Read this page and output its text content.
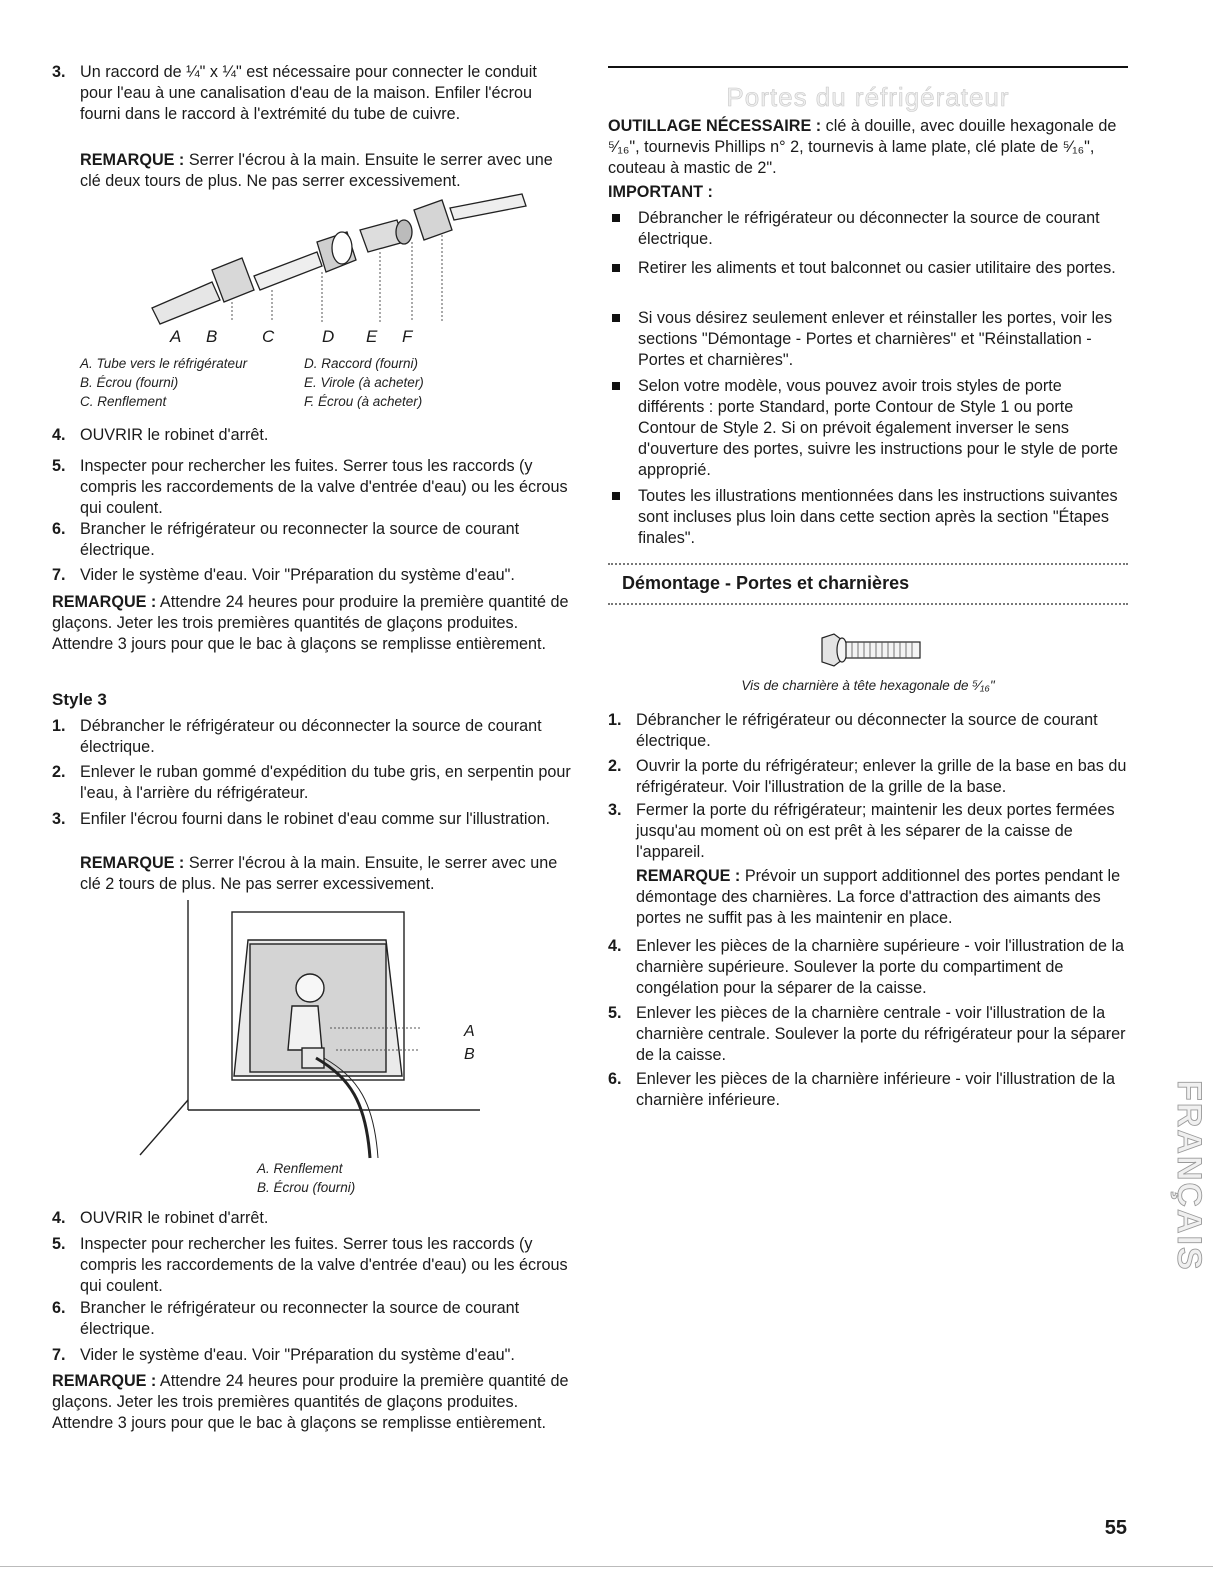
3. Un raccord de ¼" x ¼" est nécessaire pour connecter le conduit pour l'eau à une canalisation d'eau de la maison. Enfiler l'écrou fourni dans le raccord à l'extrémité du tube de cuivre.
REMARQUE : Serrer l'écrou à la main. Ensuite le serrer avec une clé deux tours de plus. Ne pas serrer excessivement.
A B	C	D E F
A. Tube vers le réfrigérateur
B. Écrou (fourni)
C. Renflement
D. Raccord (fourni)
E. Virole (à acheter)
F. Écrou (à acheter)
4. OUVRIR le robinet d'arrêt.
5. Inspecter pour rechercher les fuites. Serrer tous les raccords (y compris les raccordements de la valve d'entrée d'eau) ou les écrous qui coulent.
6. Brancher le réfrigérateur ou reconnecter la source de courant électrique.
7. Vider le système d'eau. Voir "Préparation du système d'eau".
REMARQUE : Attendre 24 heures pour produire la première quantité de glaçons. Jeter les trois premières quantités de glaçons produites. Attendre 3 jours pour que le bac à glaçons se remplisse entièrement.
Style 3
1. Débrancher le réfrigérateur ou déconnecter la source de courant électrique.
2. Enlever le ruban gommé d'expédition du tube gris, en serpentin pour l'eau, à l'arrière du réfrigérateur.
3. Enfiler l'écrou fourni dans le robinet d'eau comme sur l'illustration.
REMARQUE : Serrer l'écrou à la main. Ensuite, le serrer avec une clé 2 tours de plus. Ne pas serrer excessivement.
A
B
A. Renflement
B. Écrou (fourni)
4. OUVRIR le robinet d'arrêt.
5. Inspecter pour rechercher les fuites. Serrer tous les raccords (y compris les raccordements de la valve d'entrée d'eau) ou les écrous qui coulent.
6. Brancher le réfrigérateur ou reconnecter la source de courant électrique.
7. Vider le système d'eau. Voir "Préparation du système d'eau".
REMARQUE : Attendre 24 heures pour produire la première quantité de glaçons. Jeter les trois premières quantités de glaçons produites. Attendre 3 jours pour que le bac à glaçons se remplisse entièrement.
Portes du réfrigérateur
OUTILLAGE NÉCESSAIRE : clé à douille, avec douille hexagonale de ⁵⁄₁₆", tournevis Phillips n° 2, tournevis à lame plate, clé plate de ⁵⁄₁₆", couteau à mastic de 2".
IMPORTANT :
Débrancher le réfrigérateur ou déconnecter la source de courant électrique.
Retirer les aliments et tout balconnet ou casier utilitaire des portes.
Si vous désirez seulement enlever et réinstaller les portes, voir les sections "Démontage - Portes et charnières" et "Réinstallation - Portes et charnières".
Selon votre modèle, vous pouvez avoir trois styles de porte différents : porte Standard, porte Contour de Style 1 ou porte Contour de Style 2. Si on prévoit également inverser le sens d'ouverture des portes, suivre les instructions pour le style de porte approprié.
Toutes les illustrations mentionnées dans les instructions suivantes sont incluses plus loin dans cette section après la section "Étapes finales".
Démontage - Portes et charnières
Vis de charnière à tête hexagonale de ⁵⁄₁₆"
1. Débrancher le réfrigérateur ou déconnecter la source de courant électrique.
2. Ouvrir la porte du réfrigérateur; enlever la grille de la base en bas du réfrigérateur. Voir l'illustration de la grille de la base.
3. Fermer la porte du réfrigérateur; maintenir les deux portes fermées jusqu'au moment où on est prêt à les séparer de la caisse de l'appareil.
REMARQUE : Prévoir un support additionnel des portes pendant le démontage des charnières. La force d'attraction des aimants des portes ne suffit pas à les maintenir en place.
4. Enlever les pièces de la charnière supérieure - voir l'illustration de la charnière supérieure. Soulever la porte du compartiment de congélation pour la séparer de la caisse.
5. Enlever les pièces de la charnière centrale - voir l'illustration de la charnière centrale. Soulever la porte du réfrigérateur pour la séparer de la caisse.
6. Enlever les pièces de la charnière inférieure - voir l'illustration de la charnière inférieure.	FRANÇAIS
55
